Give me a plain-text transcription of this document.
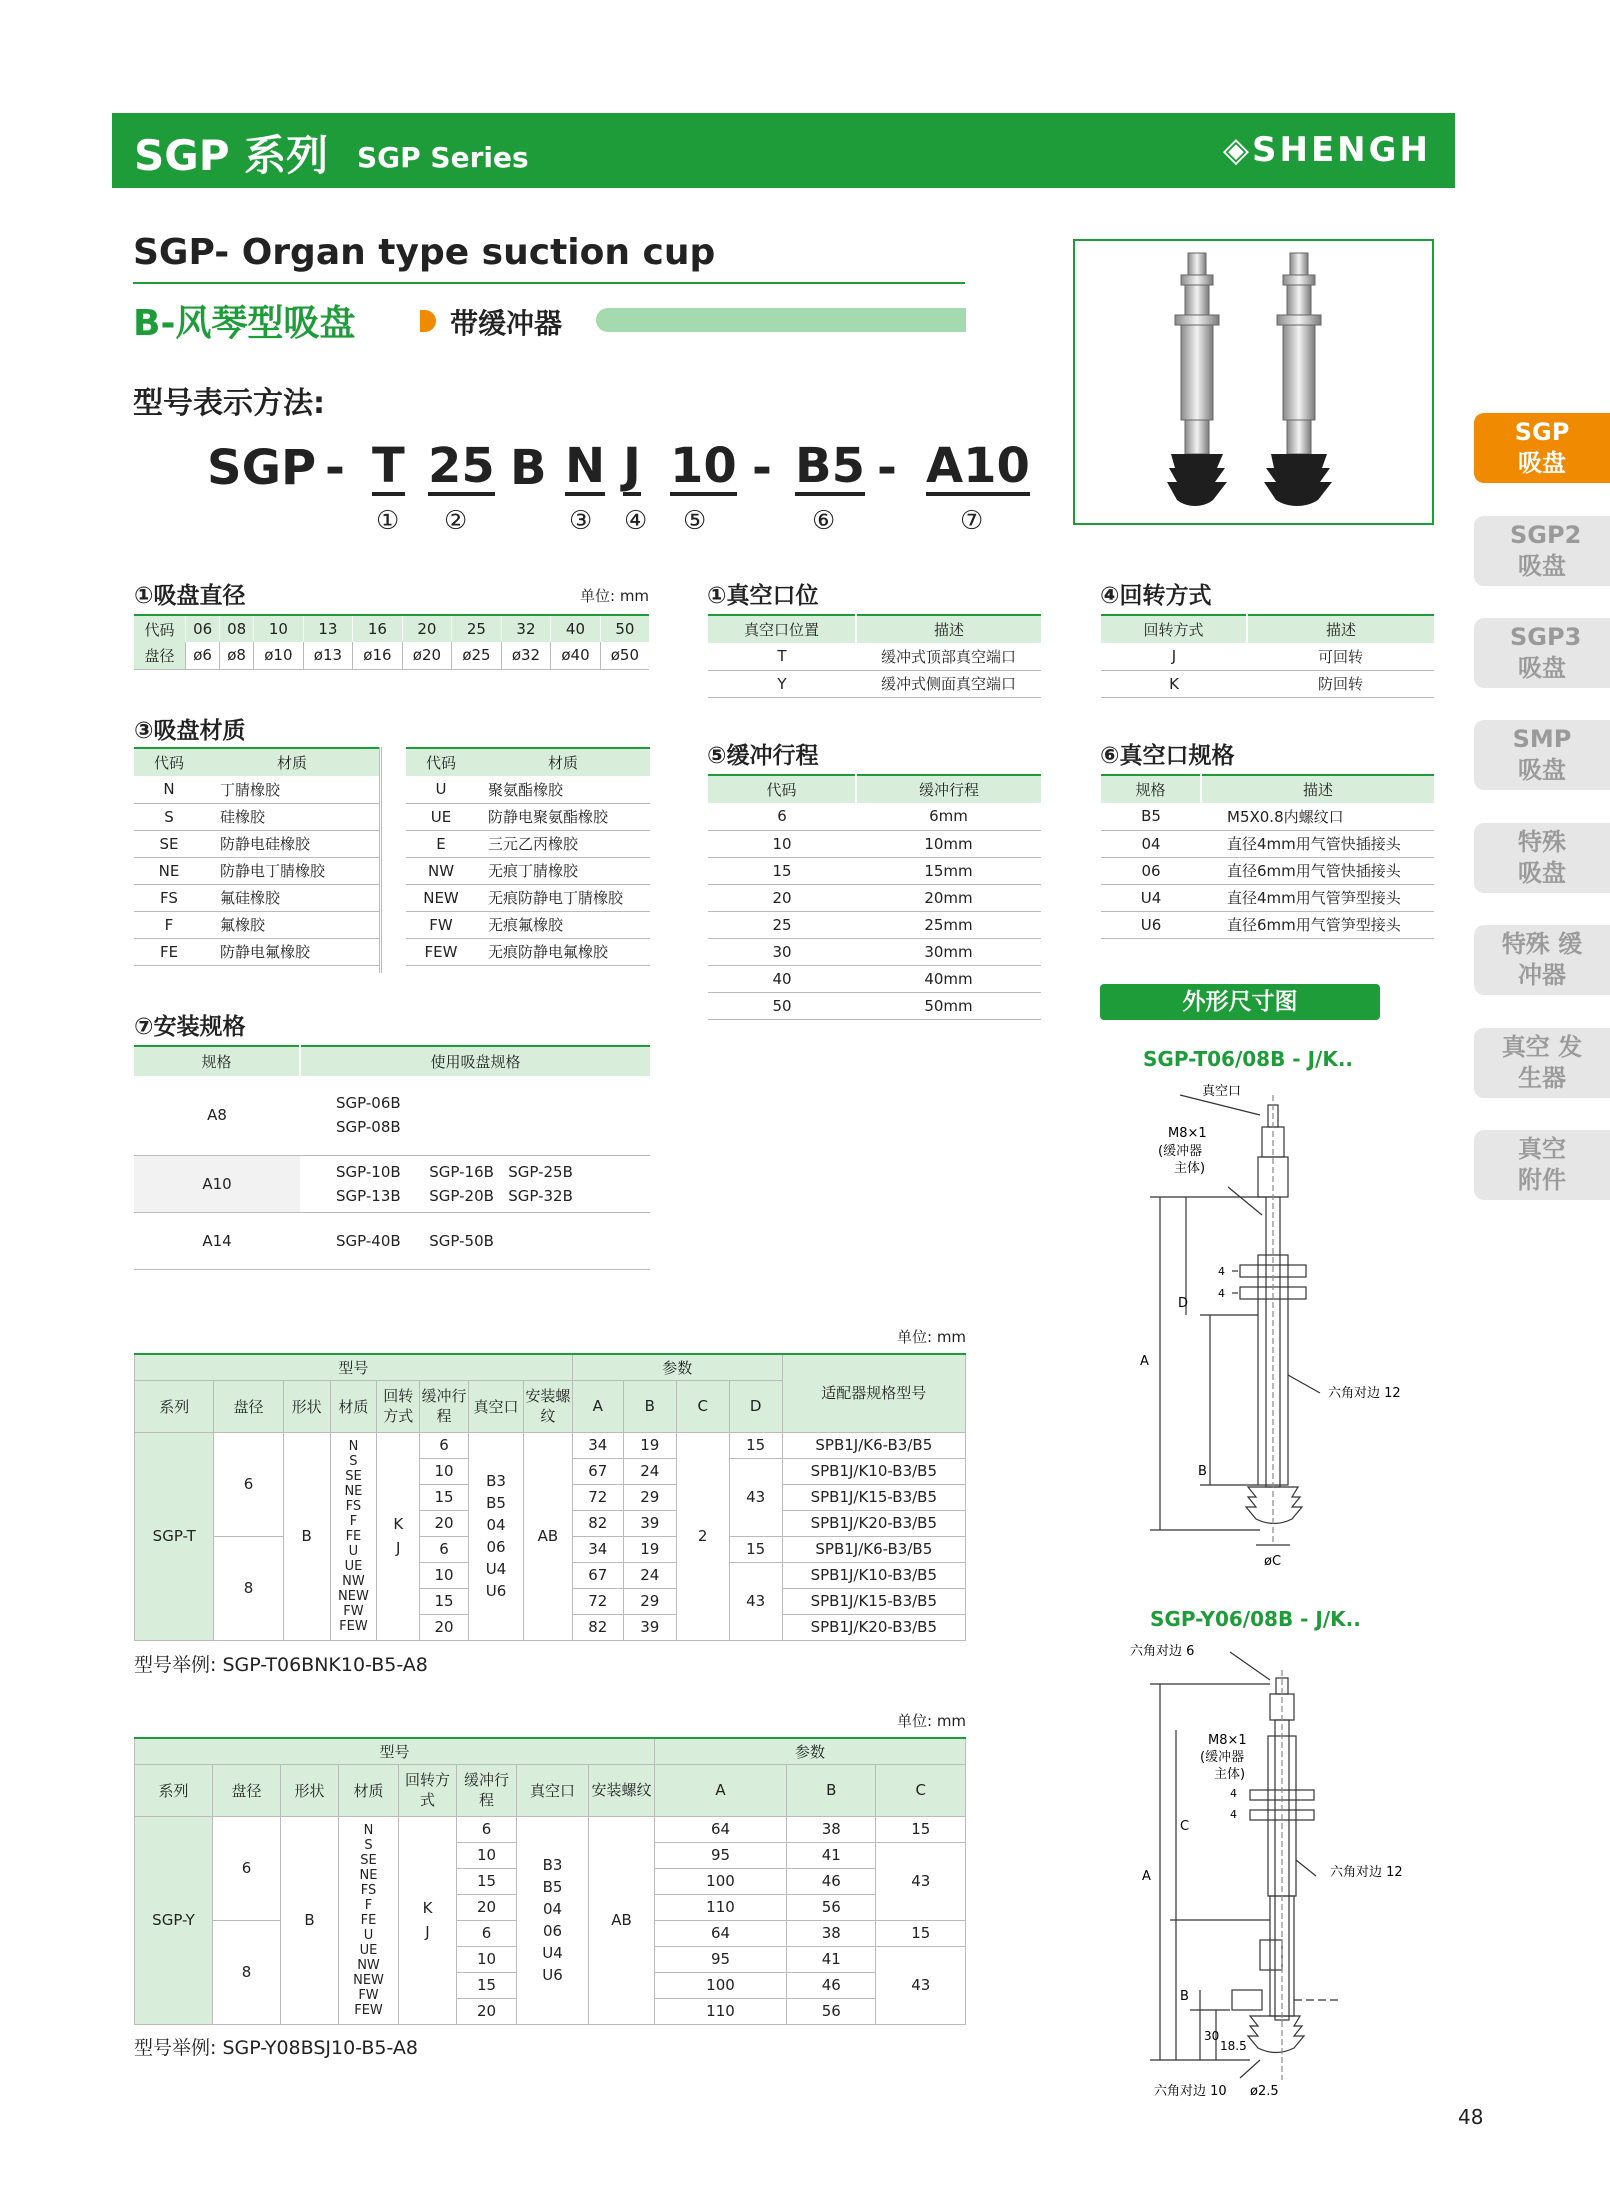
SGP 系列 SGP Series	◈SHENGH
SGP- Organ type suction cup
B-风琴型吸盘	带缓冲器
型号表示方法:
SGP - T 25 B N J 10 - B5 - A10
① ②	③ ④ ⑤	⑥	⑦
①吸盘直径	单位: mm
代码	06	08	10	13	16	20	25	32	40	50
盘径	ø6	ø8	ø10	ø13	ø16	ø20	ø25	ø32	ø40	ø50
③吸盘材质
代码	材质
N	丁腈橡胶
S	硅橡胶
SE	防静电硅橡胶
NE	防静电丁腈橡胶
FS	氟硅橡胶
F	氟橡胶
FE	防静电氟橡胶
代码	材质
U	聚氨酯橡胶
UE	防静电聚氨酯橡胶
E	三元乙丙橡胶
NW	无痕丁腈橡胶
NEW	无痕防静电丁腈橡胶
FW	无痕氟橡胶
FEW	无痕防静电氟橡胶
⑦安装规格
规格	使用吸盘规格
A8	SGP-06B
SGP-08B

A10	SGP-10B      SGP-16B   SGP-25B
SGP-13B      SGP-20B   SGP-32B

A14	SGP-40B      SGP-50B
①真空口位
真空口位置	描述
T	缓冲式顶部真空端口
Y	缓冲式侧面真空端口
⑤缓冲行程
代码	缓冲行程
6	6mm
10	10mm
15	15mm
20	20mm
25	25mm
30	30mm
40	40mm
50	50mm
④回转方式
回转方式	描述
J	可回转
K	防回转
⑥真空口规格
规格	描述
B5	M5X0.8内螺纹口
04	直径4mm用气管快插接头
06	直径6mm用气管快插接头
U4	直径4mm用气管笋型接头
U6	直径6mm用气管笋型接头
SGP 吸盘
SGP2 吸盘
SGP3 吸盘
SMP 吸盘
特殊 吸盘
特殊 缓冲器
真空 发生器
真空 附件
外形尺寸图
SGP-T06/08B - J/K..
SGP-Y06/08B - J/K..
真空口
M8×1
(缓冲器
主体)
六角对边 12
øC
A
B
D
4
4
六角对边 6
M8×1
(缓冲器
主体)
六角对边 12
六角对边 10 ø2.5
A
B
C
30
18.5
4
4
单位: mm
型号								参数				适配器规格型号
系列	盘径	形状	材质	回转方式	缓冲行程	真空口	安装螺纹	A	B	C	D	
SGP-T	6	B	N S SE NE FS F FE U UE NW NEW FW FEW	K J	6	B3 B5 04 06 U4 U6	AB	34	19	2	15	SPB1J/K6-B3/B5
					10			67	24		43	SPB1J/K10-B3/B5
					15			72	29			SPB1J/K15-B3/B5
					20			82	39			SPB1J/K20-B3/B5
	8				6			34	19		15	SPB1J/K6-B3/B5
					10			67	24		43	SPB1J/K10-B3/B5
					15			72	29			SPB1J/K15-B3/B5
					20			82	39			SPB1J/K20-B3/B5
型号举例: SGP-T06BNK10-B5-A8
单位: mm
型号								参数		
系列	盘径	形状	材质	回转方式	缓冲行程	真空口	安装螺纹	A	B	C
SGP-Y	6	B	N S SE NE FS F FE U UE NW NEW FW FEW	K J	6	B3 B5 04 06 U4 U6	AB	64	38	15
					10			95	41	43
					15			100	46	
					20			110	56	
	8				6			64	38	15
					10			95	41	43
					15			100	46	
					20			110	56	
型号举例: SGP-Y08BSJ10-B5-A8
48
